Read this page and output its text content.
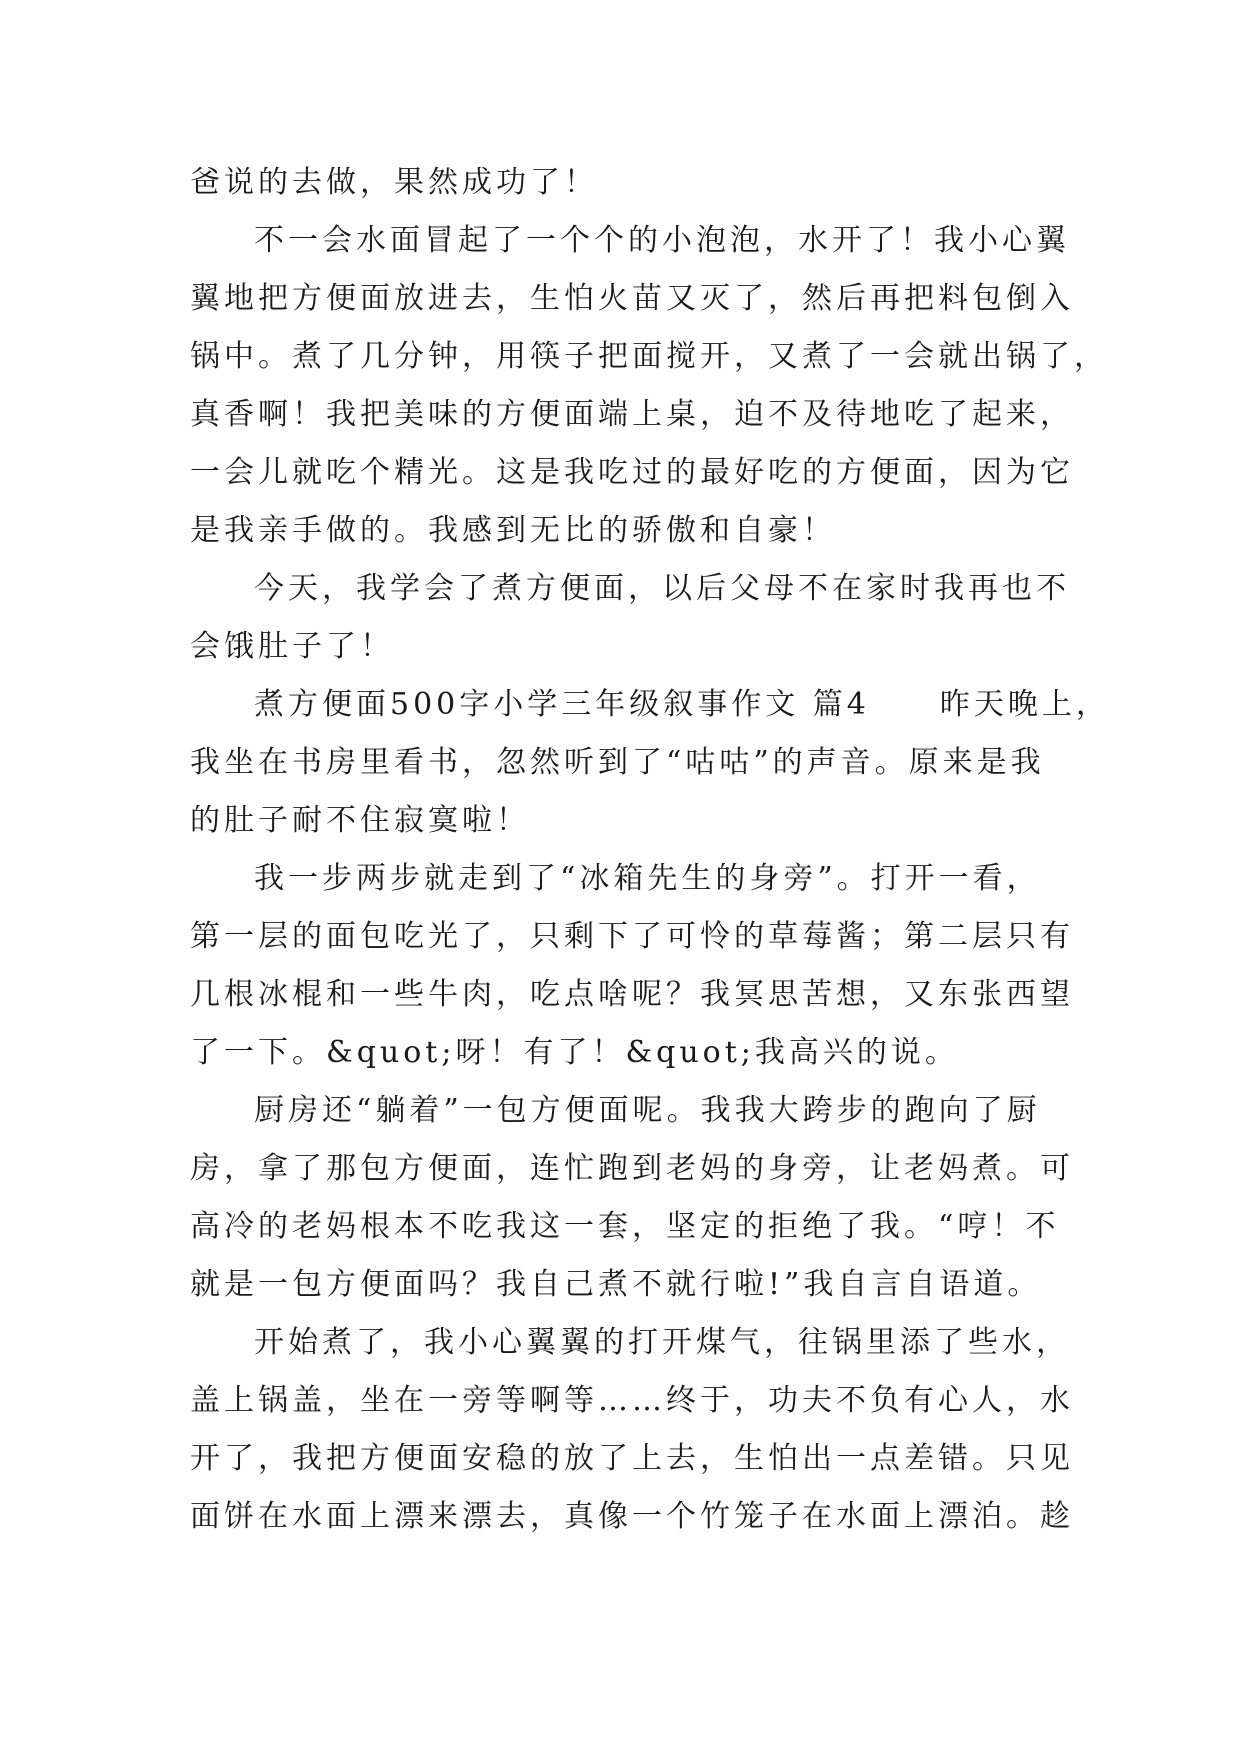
爸说的去做，果然成功了！
不一会水面冒起了一个个的小泡泡，水开了！我小心翼
翼地把方便面放进去，生怕火苗又灭了，然后再把料包倒入
锅中。煮了几分钟，用筷子把面搅开，又煮了一会就出锅了，
真香啊！我把美味的方便面端上桌，迫不及待地吃了起来，
一会儿就吃个精光。这是我吃过的最好吃的方便面，因为它
是我亲手做的。我感到无比的骄傲和自豪！
今天，我学会了煮方便面，以后父母不在家时我再也不
会饿肚子了！
煮方便面500字小学三年级叙事作文 篇4 昨天晚上，
我坐在书房里看书，忽然听到了“咕咕”的声音。原来是我
的肚子耐不住寂寞啦！
我一步两步就走到了“冰箱先生的身旁”。打开一看，
第一层的面包吃光了，只剩下了可怜的草莓酱；第二层只有
几根冰棍和一些牛肉，吃点啥呢？我冥思苦想，又东张西望
了一下。&quot;呀！有了！&quot;我高兴的说。
厨房还“躺着”一包方便面呢。我我大跨步的跑向了厨
房，拿了那包方便面，连忙跑到老妈的身旁，让老妈煮。可
高冷的老妈根本不吃我这一套，坚定的拒绝了我。“哼！不
就是一包方便面吗？我自己煮不就行啦!”我自言自语道。
开始煮了，我小心翼翼的打开煤气，往锅里添了些水，
盖上锅盖，坐在一旁等啊等……终于，功夫不负有心人，水
开了，我把方便面安稳的放了上去，生怕出一点差错。只见
面饼在水面上漂来漂去，真像一个竹笼子在水面上漂泊。趁
